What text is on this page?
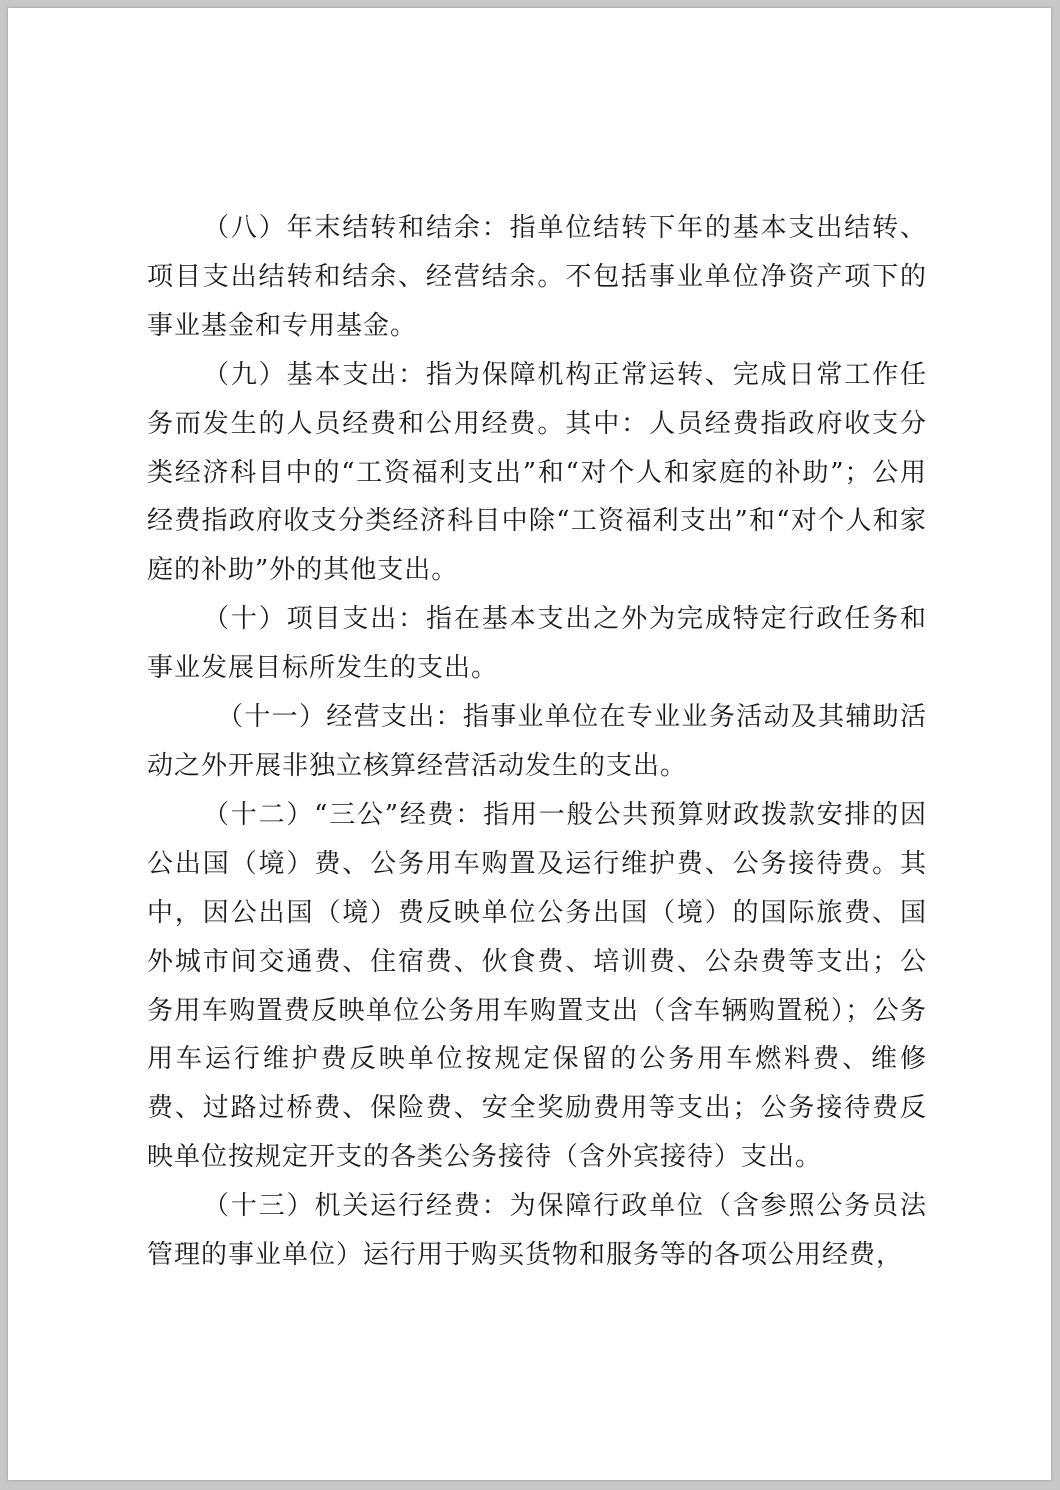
（八）年末结转和结余：指单位结转下年的基本支出结转、项目支出结转和结余、经营结余。不包括事业单位净资产项下的事业基金和专用基金。

（九）基本支出：指为保障机构正常运转、完成日常工作任务而发生的人员经费和公用经费。其中：人员经费指政府收支分类经济科目中的“工资福利支出”和“对个人和家庭的补助”；公用经费指政府收支分类经济科目中除“工资福利支出”和“对个人和家庭的补助”外的其他支出。

（十）项目支出：指在基本支出之外为完成特定行政任务和事业发展目标所发生的支出。

（十一）经营支出：指事业单位在专业业务活动及其辅助活动之外开展非独立核算经营活动发生的支出。

（十二）“三公”经费：指用一般公共预算财政拨款安排的因公出国（境）费、公务用车购置及运行维护费、公务接待费。其中，因公出国（境）费反映单位公务出国（境）的国际旅费、国外城市间交通费、住宿费、伙食费、培训费、公杂费等支出；公务用车购置费反映单位公务用车购置支出（含车辆购置税）；公务用车运行维护费反映单位按规定保留的公务用车燃料费、维修费、过路过桥费、保险费、安全奖励费用等支出；公务接待费反映单位按规定开支的各类公务接待（含外宾接待）支出。

（十三）机关运行经费：为保障行政单位（含参照公务员法管理的事业单位）运行用于购买货物和服务等的各项公用经费，
